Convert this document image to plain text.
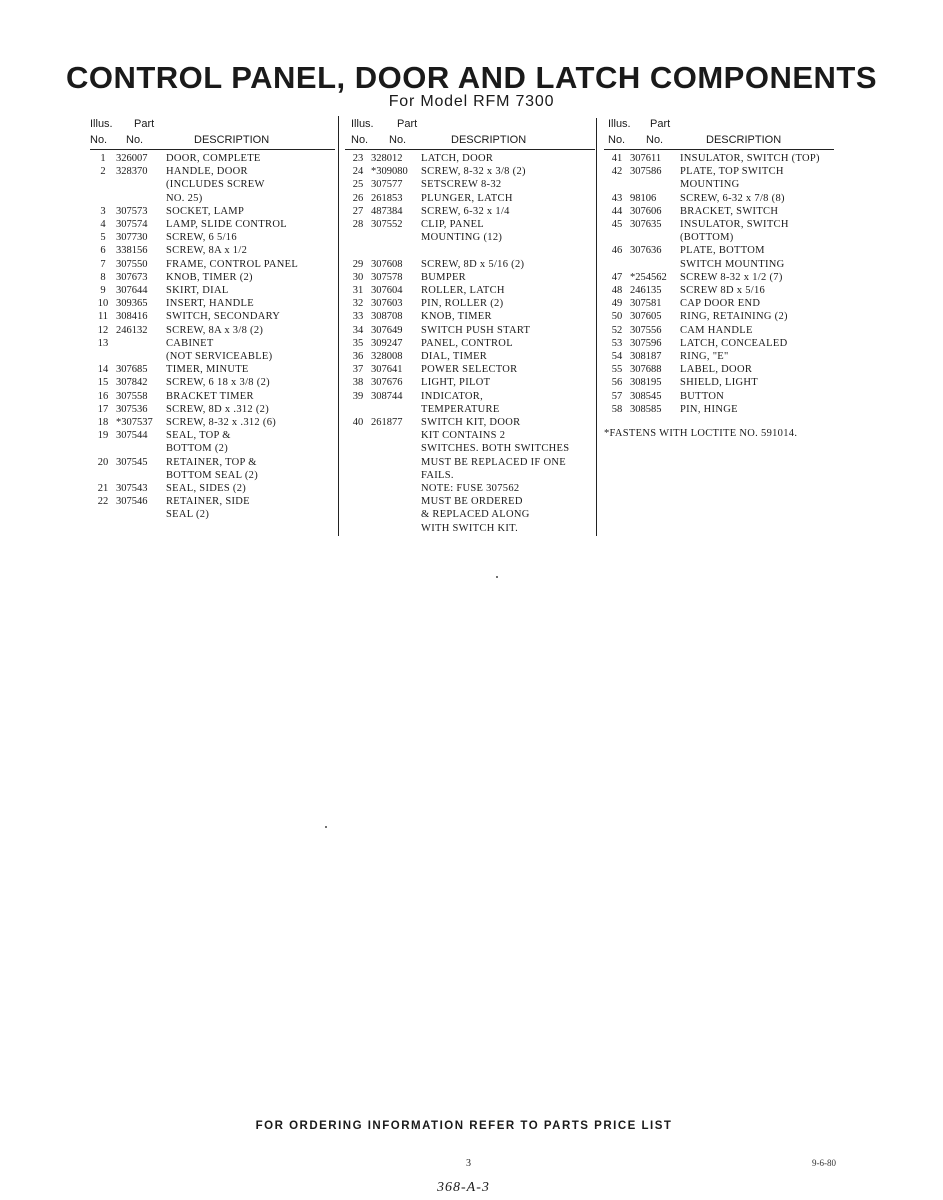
CONTROL PANEL, DOOR AND LATCH COMPONENTS
For Model RFM 7300
Illus. Part
No. No.	DESCRIPTION
1 326007	DOOR, COMPLETE
2 328370	HANDLE, DOOR
(INCLUDES SCREW
NO. 25)
3 307573	SOCKET, LAMP
4 307574	LAMP, SLIDE CONTROL
5 307730	SCREW, 6 5/16
6 338156	SCREW, 8A x 1/2
7 307550	FRAME, CONTROL PANEL
8 307673	KNOB, TIMER (2)
9 307644	SKIRT, DIAL
10 309365	INSERT, HANDLE
11 308416	SWITCH, SECONDARY
12 246132	SCREW, 8A x 3/8 (2)
13	CABINET
(NOT SERVICEABLE)
14 307685	TIMER, MINUTE
15 307842	SCREW, 6 18 x 3/8 (2)
16 307558	BRACKET TIMER
17 307536	SCREW, 8D x .312 (2)
18 *307537	SCREW, 8-32 x .312 (6)
19 307544	SEAL, TOP &
BOTTOM (2)
20 307545	RETAINER, TOP &
BOTTOM SEAL (2)
21 307543	SEAL, SIDES (2)
22 307546	RETAINER, SIDE
SEAL (2)
Illus. Part
No. No.	DESCRIPTION
23 328012	LATCH, DOOR
24 *309080	SCREW, 8-32 x 3/8 (2)
25 307577	SETSCREW 8-32
26 261853	PLUNGER, LATCH
27 487384	SCREW, 6-32 x 1/4
28 307552	CLIP, PANEL
MOUNTING (12)
29 307608	SCREW, 8D x 5/16 (2)
30 307578	BUMPER
31 307604	ROLLER, LATCH
32 307603	PIN, ROLLER (2)
33 308708	KNOB, TIMER
34 307649	SWITCH PUSH START
35 309247	PANEL, CONTROL
36 328008	DIAL, TIMER
37 307641	POWER SELECTOR
38 307676	LIGHT, PILOT
39 308744	INDICATOR,
TEMPERATURE
40 261877	SWITCH KIT, DOOR
KIT CONTAINS 2
SWITCHES. BOTH SWITCHES
MUST BE REPLACED IF ONE
FAILS.
NOTE: FUSE 307562
MUST BE ORDERED
& REPLACED ALONG
WITH SWITCH KIT.
Illus. Part
No. No.	DESCRIPTION
41 307611	INSULATOR, SWITCH (TOP)
42 307586	PLATE, TOP SWITCH
MOUNTING
43 98106	SCREW, 6-32 x 7/8 (8)
44 307606	BRACKET, SWITCH
45 307635	INSULATOR, SWITCH
(BOTTOM)
46 307636	PLATE, BOTTOM
SWITCH MOUNTING
47 *254562	SCREW 8-32 x 1/2 (7)
48 246135	SCREW 8D x 5/16
49 307581	CAP DOOR END
50 307605	RING, RETAINING (2)
52 307556	CAM HANDLE
53 307596	LATCH, CONCEALED
54 308187	RING, "E"
55 307688	LABEL, DOOR
56 308195	SHIELD, LIGHT
57 308545	BUTTON
58 308585	PIN, HINGE
*FASTENS WITH LOCTITE NO. 591014.
FOR ORDERING INFORMATION REFER TO PARTS PRICE LIST
3	9-6-80
368-A-3
